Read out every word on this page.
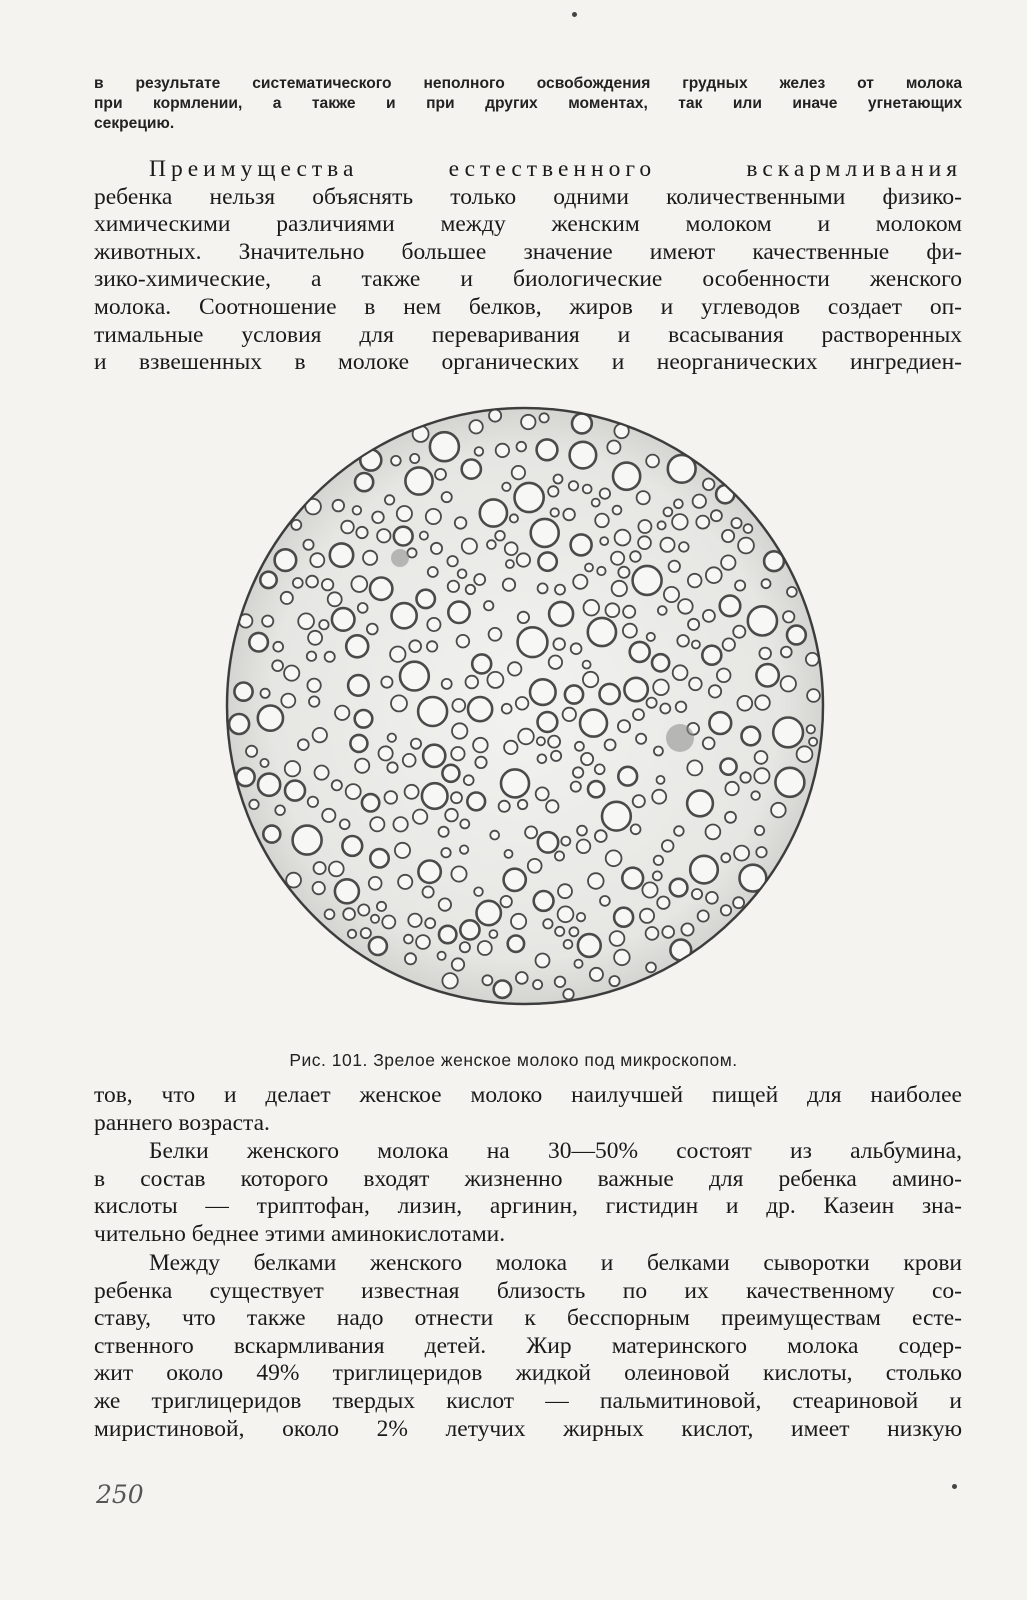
в результате систематического неполного освобождения грудных желез от молока
при кормлении, а также и при других моментах, так или иначе угнетающих
секрецию.
Преимущества естественного вскармливания
ребенка нельзя объяснять только одними количественными физико-
химическими различиями между женским молоком и молоком
животных. Значительно большее значение имеют качественные фи-
зико-химические, а также и биологические особенности женского
молока. Соотношение в нем белков, жиров и углеводов создает оп-
тимальные условия для переваривания и всасывания растворенных
и взвешенных в молоке органических и неорганических ингредиен-
Рис. 101. Зрелое женское молоко под микроскопом.
тов, что и делает женское молоко наилучшей пищей для наиболее
раннего возраста.
Белки женского молока на 30—50% состоят из альбумина,
в состав которого входят жизненно важные для ребенка амино-
кислоты — триптофан, лизин, аргинин, гистидин и др. Казеин зна-
чительно беднее этими аминокислотами.
Между белками женского молока и белками сыворотки крови
ребенка существует известная близость по их качественному со-
ставу, что также надо отнести к бесспорным преимуществам есте-
ственного вскармливания детей. Жир материнского молока содер-
жит около 49% триглицеридов жидкой олеиновой кислоты, столько
же триглицеридов твердых кислот — пальмитиновой, стеариновой и
миристиновой, около 2% летучих жирных кислот, имеет низкую
250
